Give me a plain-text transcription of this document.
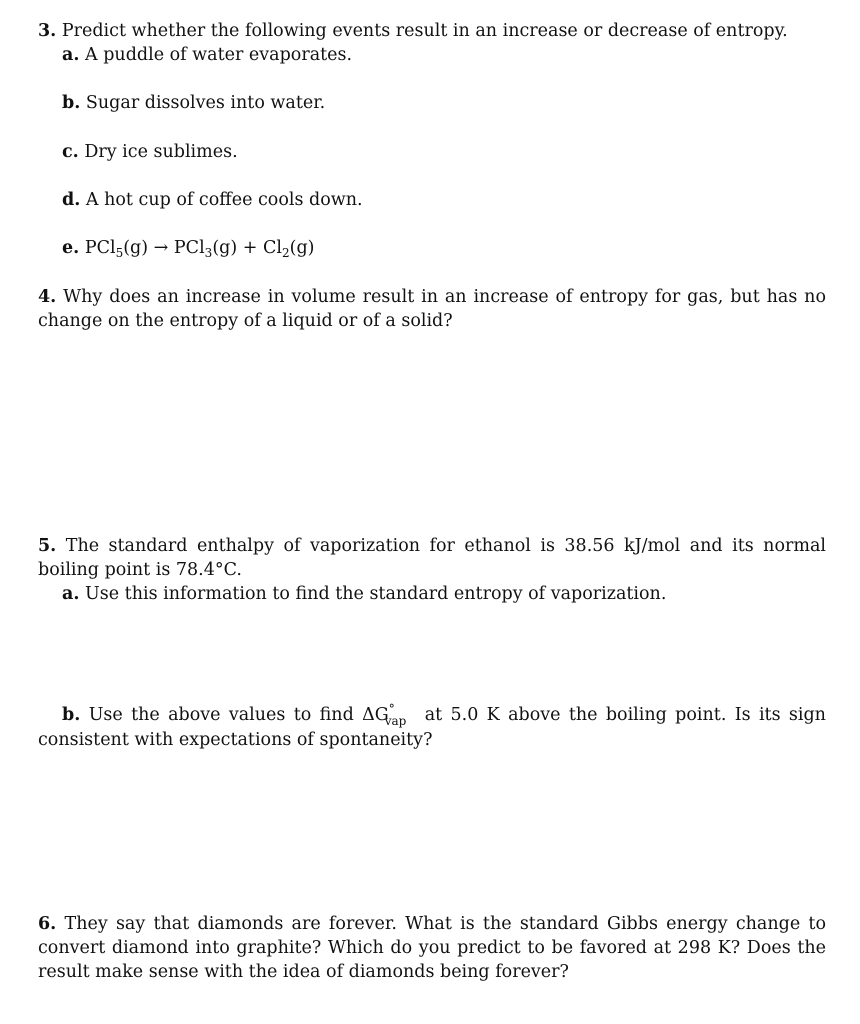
3. Predict whether the following events result in an increase or decrease of entropy.
a. A puddle of water evaporates.
b. Sugar dissolves into water.
c. Dry ice sublimes.
d. A hot cup of coffee cools down.
e. $PCl_5(g) \to PCl_3(g) + Cl_2(g)$
4. Why does an increase in volume result in an increase of entropy for gas, but has no
change on the entropy of a liquid or of a solid?
5. The standard enthalpy of vaporization for ethanol is 38.56 kJ/mol and its normal
boiling point is 78.4°C.
a. Use this information to find the standard entropy of vaporization.
b. Use the above values to find $\Delta G^\circ_{vap}$ at 5.0 K above the boiling point. Is its sign
consistent with expectations of spontaneity?
6. They say that diamonds are forever. What is the standard Gibbs energy change to
convert diamond into graphite? Which do you predict to be favored at 298 K? Does the
result make sense with the idea of diamonds being forever?
